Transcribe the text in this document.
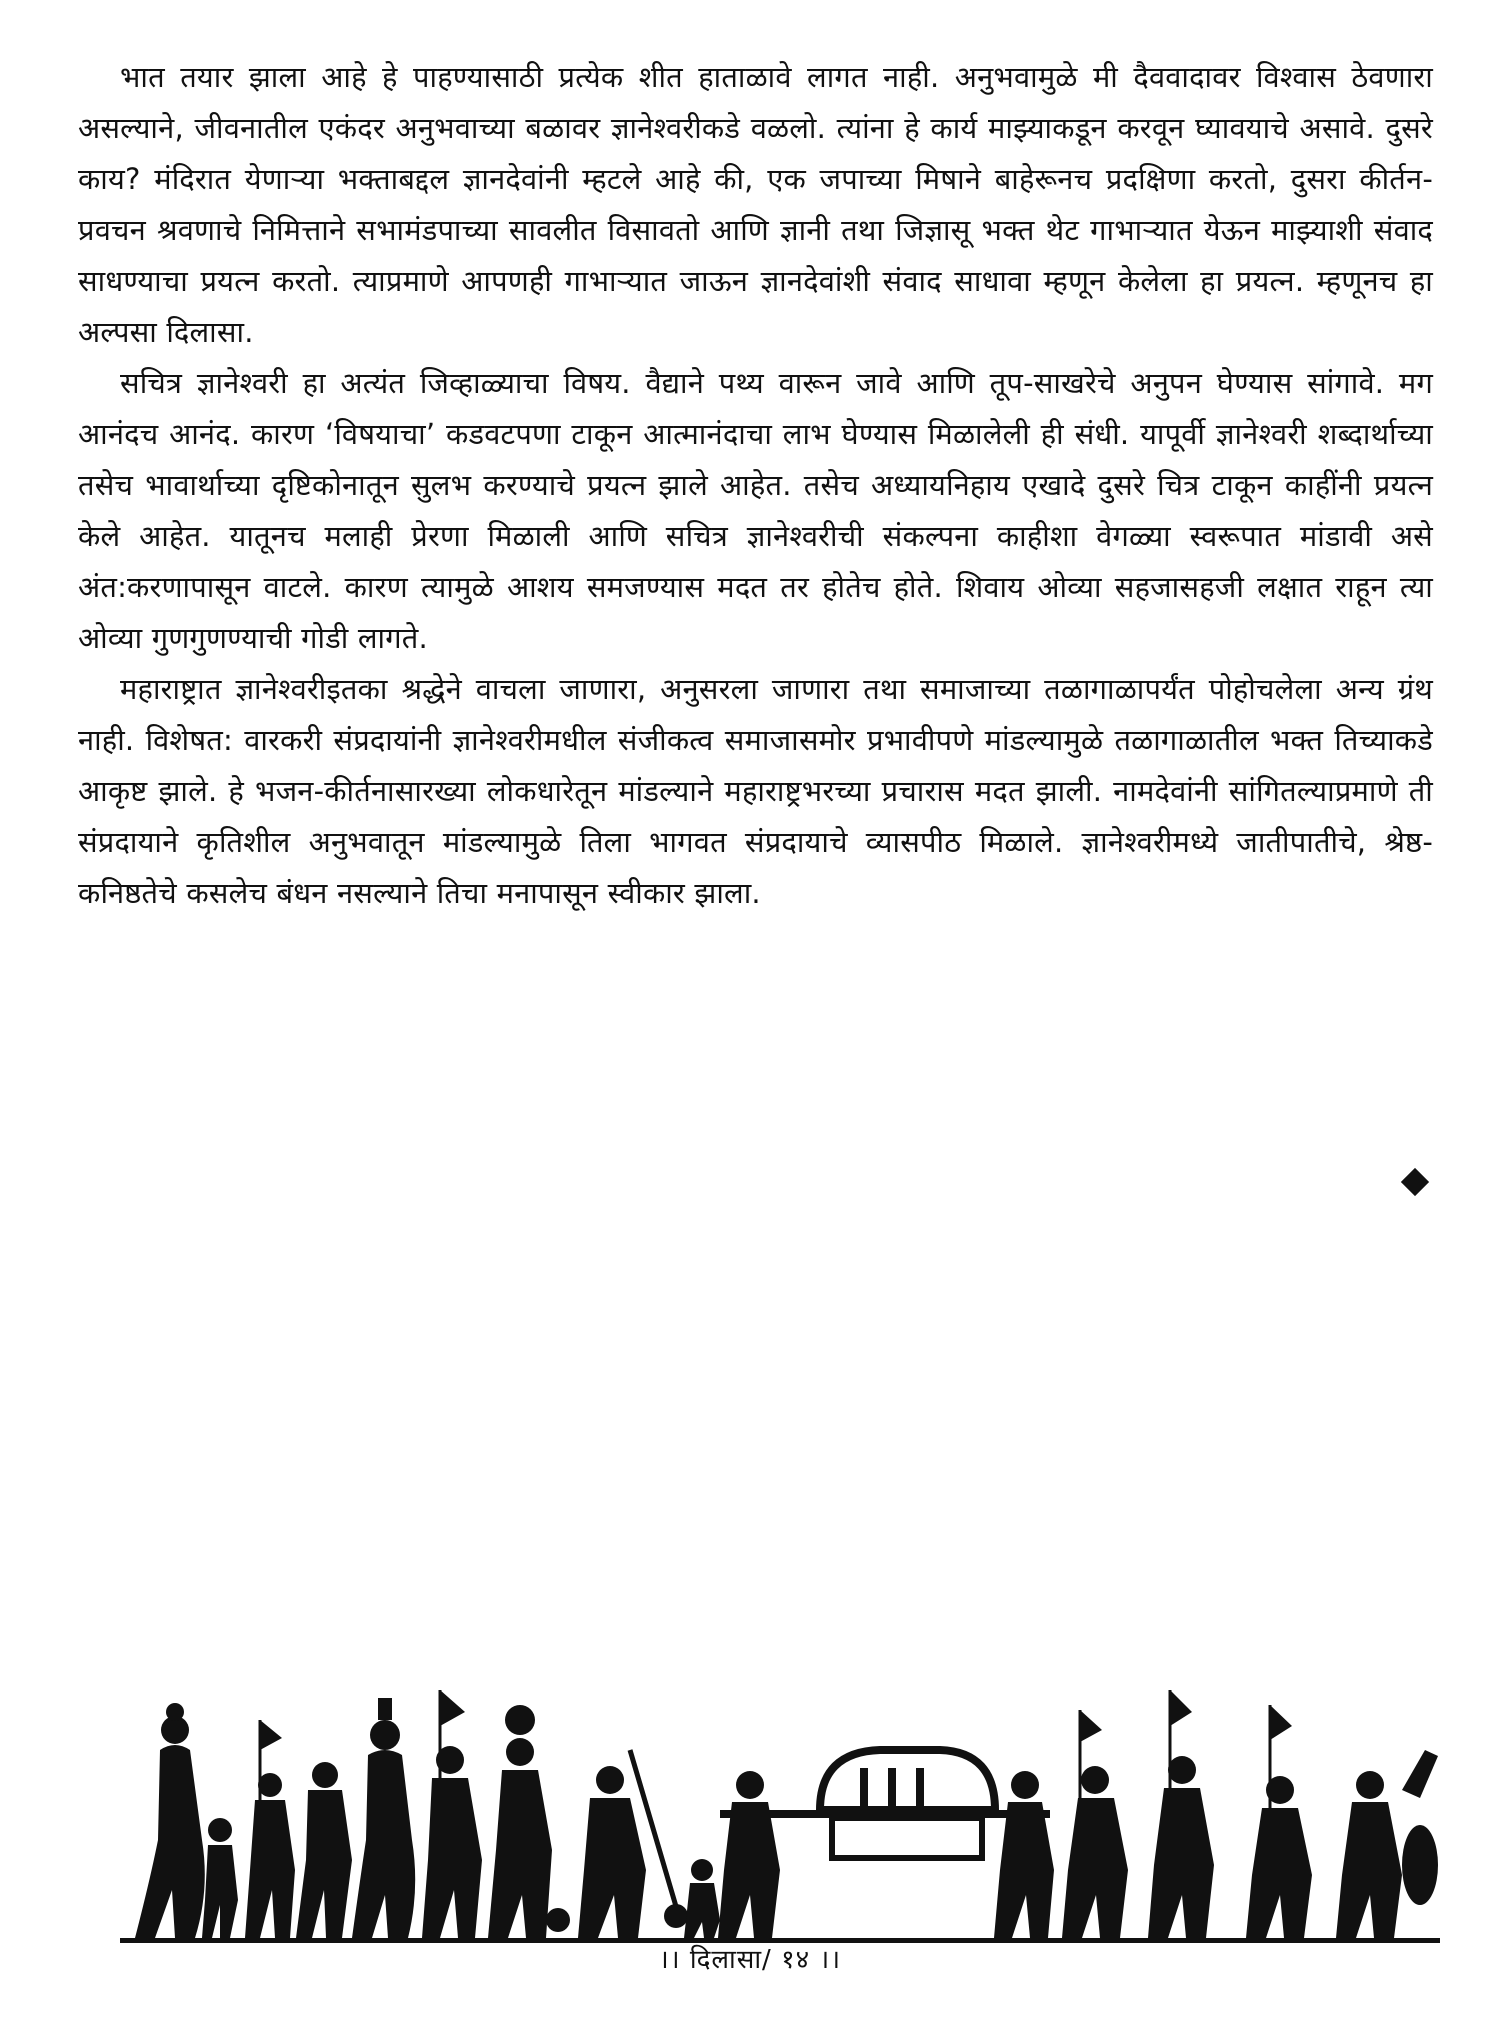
भात तयार झाला आहे हे पाहण्यासाठी प्रत्येक शीत हाताळावे लागत नाही. अनुभवामुळे मी दैववादावर विश्वास ठेवणारा असल्याने, जीवनातील एकंदर अनुभवाच्या बळावर ज्ञानेश्वरीकडे वळलो. त्यांना हे कार्य माझ्याकडून करवून घ्यावयाचे असावे. दुसरे काय? मंदिरात येणाऱ्या भक्ताबद्दल ज्ञानदेवांनी म्हटले आहे की, एक जपाच्या मिषाने बाहेरूनच प्रदक्षिणा करतो, दुसरा कीर्तन-प्रवचन श्रवणाचे निमित्ताने सभामंडपाच्या सावलीत विसावतो आणि ज्ञानी तथा जिज्ञासू भक्त थेट गाभाऱ्यात येऊन माझ्याशी संवाद साधण्याचा प्रयत्न करतो. त्याप्रमाणे आपणही गाभाऱ्यात जाऊन ज्ञानदेवांशी संवाद साधावा म्हणून केलेला हा प्रयत्न. म्हणूनच हा अल्पसा दिलासा.

सचित्र ज्ञानेश्वरी हा अत्यंत जिव्हाळ्याचा विषय. वैद्याने पथ्य वारून जावे आणि तूप-साखरेचे अनुपन घेण्यास सांगावे. मग आनंदच आनंद. कारण ‘विषयाचा’ कडवटपणा टाकून आत्मानंदाचा लाभ घेण्यास मिळालेली ही संधी. यापूर्वी ज्ञानेश्वरी शब्दार्थाच्या तसेच भावार्थाच्या दृष्टिकोनातून सुलभ करण्याचे प्रयत्न झाले आहेत. तसेच अध्यायनिहाय एखादे दुसरे चित्र टाकून काहींनी प्रयत्न केले आहेत. यातूनच मलाही प्रेरणा मिळाली आणि सचित्र ज्ञानेश्वरीची संकल्पना काहीशा वेगळ्या स्वरूपात मांडावी असे अंत:करणापासून वाटले. कारण त्यामुळे आशय समजण्यास मदत तर होतेच होते. शिवाय ओव्या सहजासहजी लक्षात राहून त्या ओव्या गुणगुणण्याची गोडी लागते.

महाराष्ट्रात ज्ञानेश्वरीइतका श्रद्धेने वाचला जाणारा, अनुसरला जाणारा तथा समाजाच्या तळागाळापर्यंत पोहोचलेला अन्य ग्रंथ नाही. विशेषत: वारकरी संप्रदायांनी ज्ञानेश्वरीमधील संजीकत्व समाजासमोर प्रभावीपणे मांडल्यामुळे तळागाळातील भक्त तिच्याकडे आकृष्ट झाले. हे भजन-कीर्तनासारख्या लोकधारेतून मांडल्याने महाराष्ट्रभरच्या प्रचारास मदत झाली. नामदेवांनी सांगितल्याप्रमाणे ती संप्रदायाने कृतिशील अनुभवातून मांडल्यामुळे तिला भागवत संप्रदायाचे व्यासपीठ मिळाले. ज्ञानेश्वरीमध्ये जातीपातीचे, श्रेष्ठ-कनिष्ठतेचे कसलेच बंधन नसल्याने तिचा मनापासून स्वीकार झाला.

।। दिलासा/ १४ ।।
